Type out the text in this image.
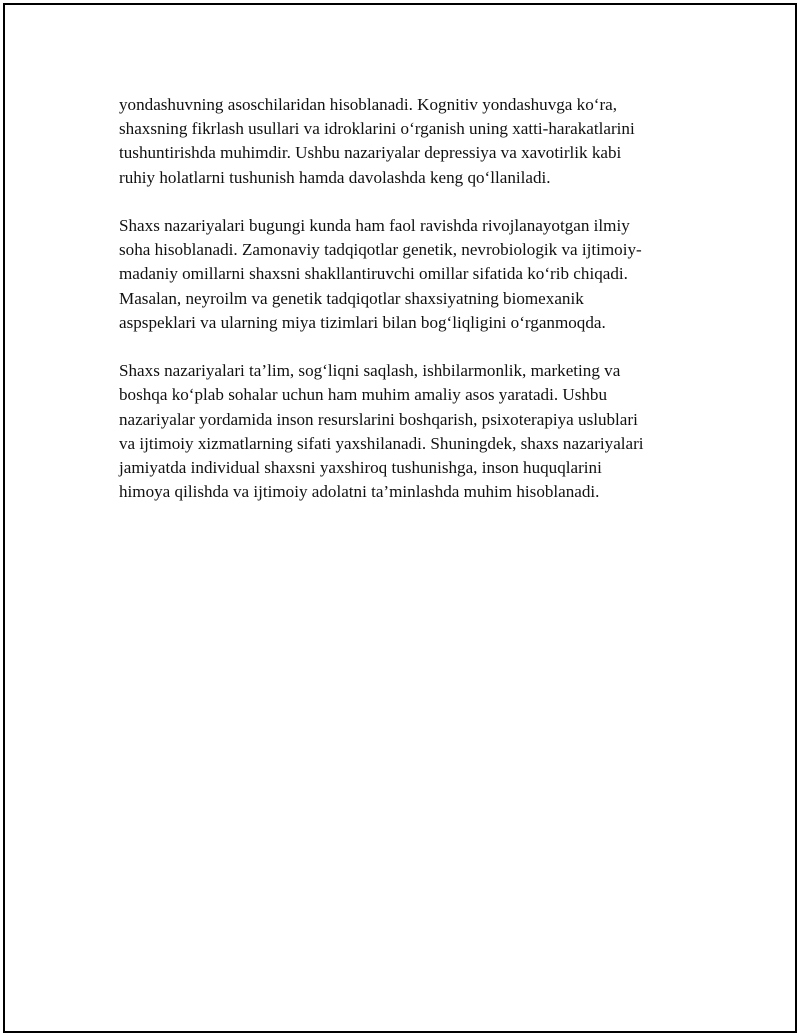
yondashuvning asoschilaridan hisoblanadi. Kognitiv yondashuvga koʻra,
shaxsning fikrlash usullari va idroklarini oʻrganish uning xatti-harakatlarini
tushuntirishda muhimdir. Ushbu nazariyalar depressiya va xavotirlik kabi
ruhiy holatlarni tushunish hamda davolashda keng qoʻllaniladi.

Shaxs nazariyalari bugungi kunda ham faol ravishda rivojlanayotgan ilmiy
soha hisoblanadi. Zamonaviy tadqiqotlar genetik, nevrobiologik va ijtimoiy-
madaniy omillarni shaxsni shakllantiruvchi omillar sifatida koʻrib chiqadi.
Masalan, neyroilm va genetik tadqiqotlar shaxsiyatning biomexanik
aspspeklari va ularning miya tizimlari bilan bogʻliqligini oʻrganmoqda.

Shaxs nazariyalari ta’lim, sogʻliqni saqlash, ishbilarmonlik, marketing va
boshqa koʻplab sohalar uchun ham muhim amaliy asos yaratadi. Ushbu
nazariyalar yordamida inson resurslarini boshqarish, psixoterapiya uslublari
va ijtimoiy xizmatlarning sifati yaxshilanadi. Shuningdek, shaxs nazariyalari
jamiyatda individual shaxsni yaxshiroq tushunishga, inson huquqlarini
himoya qilishda va ijtimoiy adolatni ta’minlashda muhim hisoblanadi.
